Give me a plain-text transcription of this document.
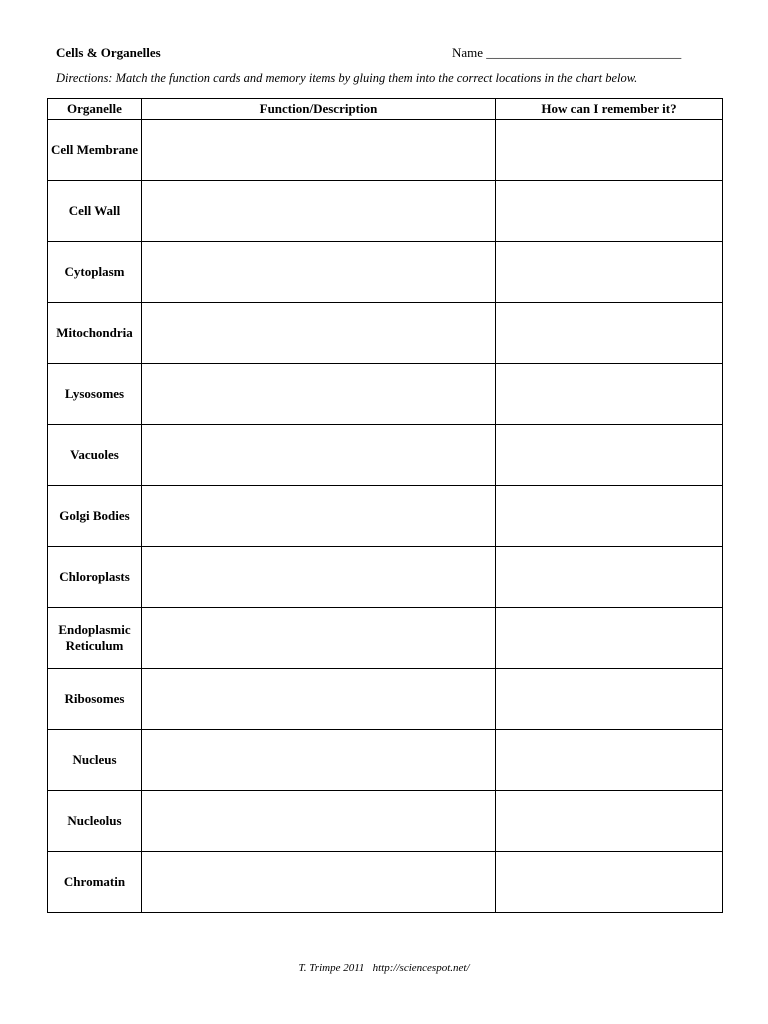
Cells & Organelles	Name ______________________________
Directions: Match the function cards and memory items by gluing them into the correct locations in the chart below.
Organelle	Function/Description	How can I remember it?
Cell Membrane		
Cell Wall		
Cytoplasm		
Mitochondria		
Lysosomes		
Vacuoles		
Golgi Bodies		
Chloroplasts		
Endoplasmic Reticulum		
Ribosomes		
Nucleus		
Nucleolus		
Chromatin		
T. Trimpe 2011   http://sciencespot.net/
